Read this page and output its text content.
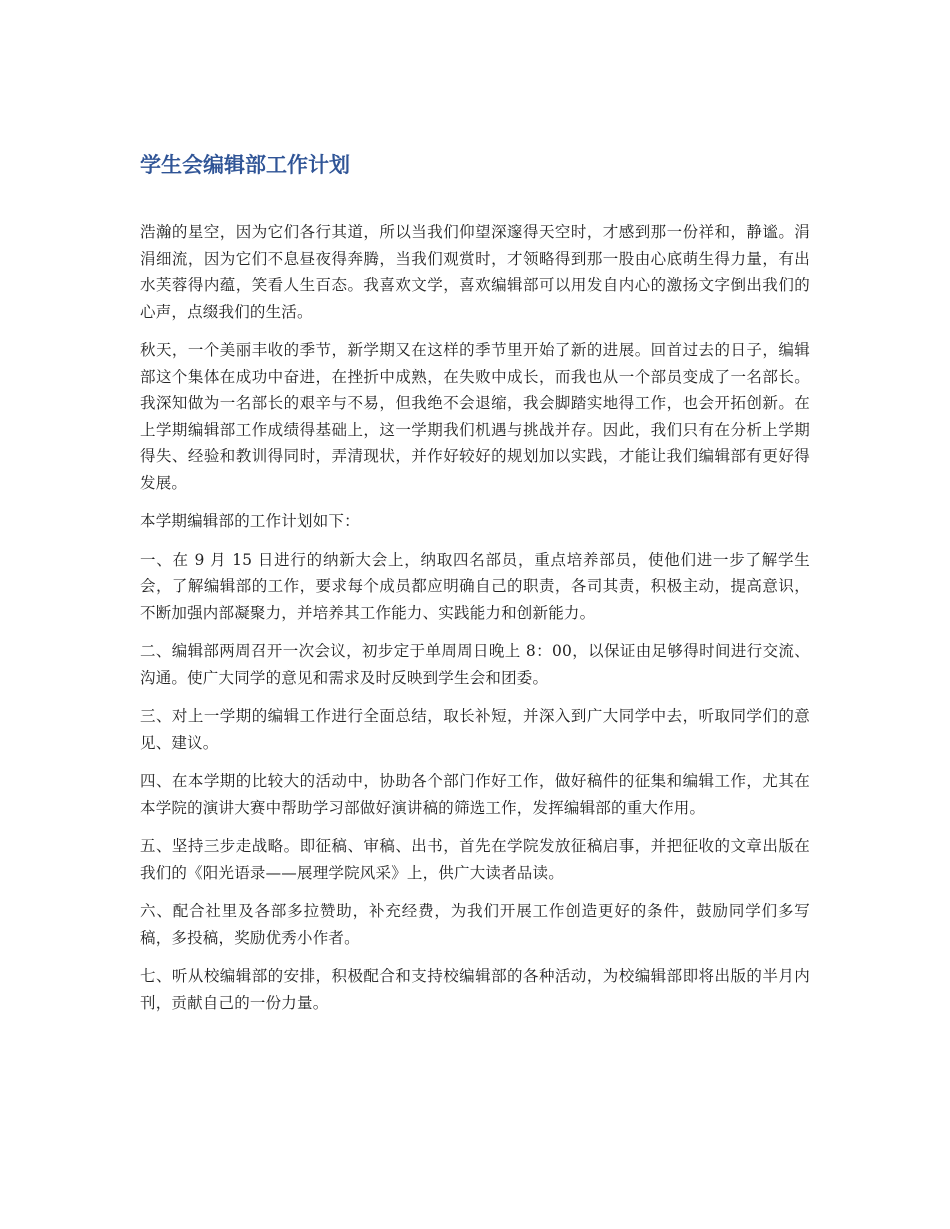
学生会编辑部工作计划

浩瀚的星空，因为它们各行其道，所以当我们仰望深邃得天空时，才感到那一份祥和，静谧。涓涓细流，因为它们不息昼夜得奔腾，当我们观赏时，才领略得到那一股由心底萌生得力量，有出水芙蓉得内蕴，笑看人生百态。我喜欢文学，喜欢编辑部可以用发自内心的激扬文字倒出我们的心声，点缀我们的生活。

秋天，一个美丽丰收的季节，新学期又在这样的季节里开始了新的进展。回首过去的日子，编辑部这个集体在成功中奋进，在挫折中成熟，在失败中成长，而我也从一个部员变成了一名部长。我深知做为一名部长的艰辛与不易，但我绝不会退缩，我会脚踏实地得工作，也会开拓创新。在上学期编辑部工作成绩得基础上，这一学期我们机遇与挑战并存。因此，我们只有在分析上学期得失、经验和教训得同时，弄清现状，并作好较好的规划加以实践，才能让我们编辑部有更好得发展。

本学期编辑部的工作计划如下：

一、在 9 月 15 日进行的纳新大会上，纳取四名部员，重点培养部员，使他们进一步了解学生会，了解编辑部的工作，要求每个成员都应明确自己的职责，各司其责，积极主动，提高意识，不断加强内部凝聚力，并培养其工作能力、实践能力和创新能力。

二、编辑部两周召开一次会议，初步定于单周周日晚上 8：00，以保证由足够得时间进行交流、沟通。使广大同学的意见和需求及时反映到学生会和团委。

三、对上一学期的编辑工作进行全面总结，取长补短，并深入到广大同学中去，听取同学们的意见、建议。

四、在本学期的比较大的活动中，协助各个部门作好工作，做好稿件的征集和编辑工作，尤其在本学院的演讲大赛中帮助学习部做好演讲稿的筛选工作，发挥编辑部的重大作用。

五、坚持三步走战略。即征稿、审稿、出书，首先在学院发放征稿启事，并把征收的文章出版在我们的《阳光语录——展理学院风采》上，供广大读者品读。

六、配合社里及各部多拉赞助，补充经费，为我们开展工作创造更好的条件，鼓励同学们多写稿，多投稿，奖励优秀小作者。

七、听从校编辑部的安排，积极配合和支持校编辑部的各种活动，为校编辑部即将出版的半月内刊，贡献自己的一份力量。
